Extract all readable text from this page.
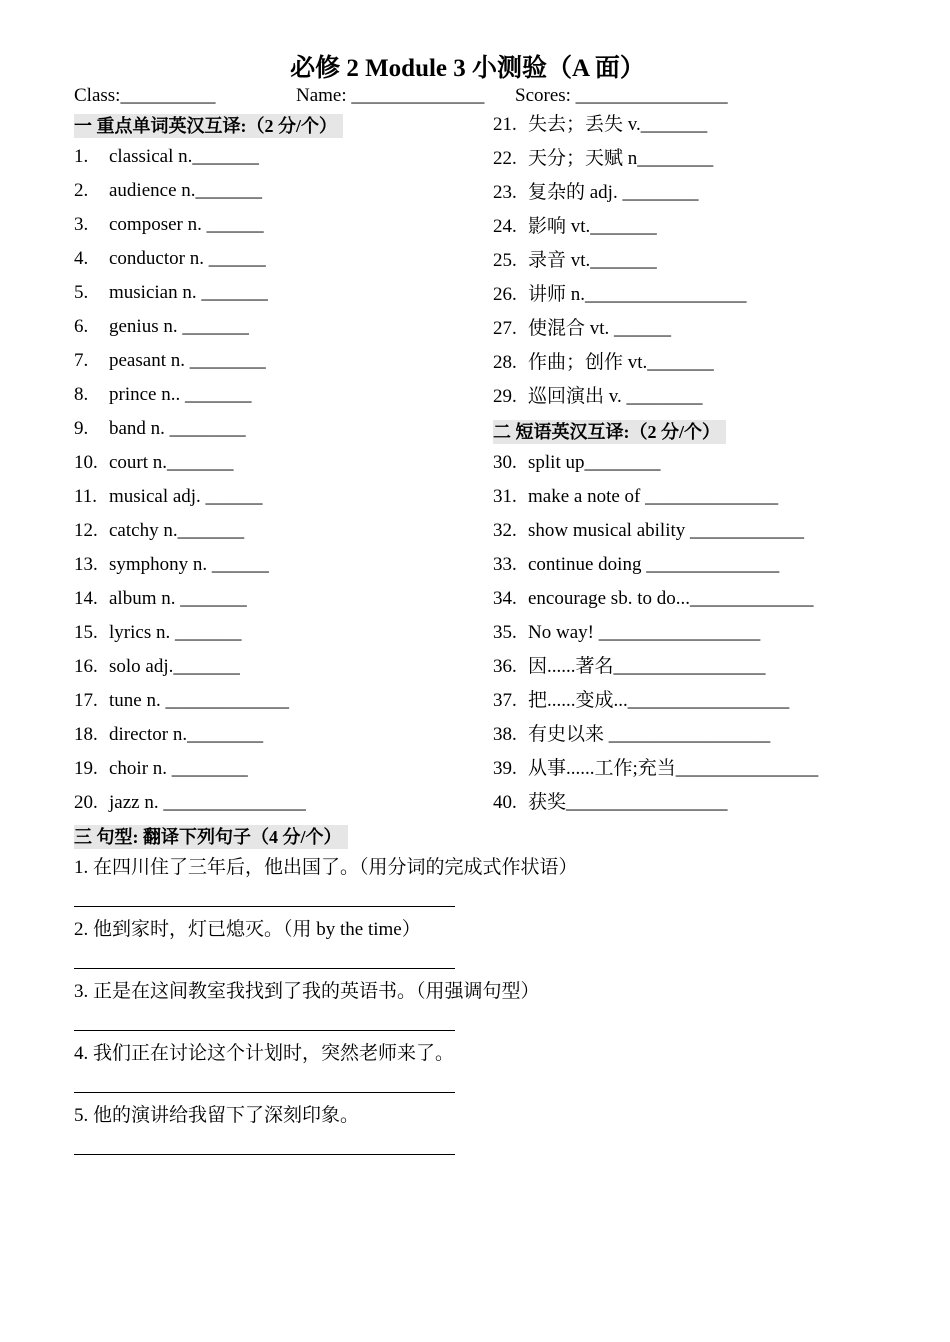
必修 2 Module 3 小测验（A 面）
Class:__________	Name: ______________ Scores: ________________
一 重点单词英汉互译:（2 分/个）
1. classical n._______
2. audience n._______
3. composer n. ______
4. conductor n. ______
5. musician n. _______
6. genius n. _______
7. peasant n. ________
8. prince n.. _______
9. band n. ________
10. court n._______
11. musical adj. ______
12. catchy n._______
13. symphony n. ______
14. album n. _______
15. lyrics n. _______
16. solo adj._______
17. tune n. _____________
18. director n.________
19. choir n. ________
20. jazz n. _______________
21. 失去；丢失 v._______
22. 天分；天赋 n________
23. 复杂的 adj. ________
24. 影响 vt._______
25. 录音 vt._______
26. 讲师 n._________________
27. 使混合 vt. ______
28. 作曲；创作 vt._______
29. 巡回演出 v. ________
二 短语英汉互译:（2 分/个）
30. split up________
31. make a note of ______________
32. show musical ability ____________
33. continue doing ______________
34. encourage sb. to do..._____________
35. No way! _________________
36. 因......著名________________
37. 把......变成..._________________
38. 有史以来 _________________
39. 从事......工作;充当_______________
40. 获奖_________________
三 句型: 翻译下列句子（4 分/个）
1. 在四川住了三年后，他出国了。（用分词的完成式作状语）
2. 他到家时，灯已熄灭。（用 by the time）
3. 正是在这间教室我找到了我的英语书。（用强调句型）
4. 我们正在讨论这个计划时，突然老师来了。
5. 他的演讲给我留下了深刻印象。
